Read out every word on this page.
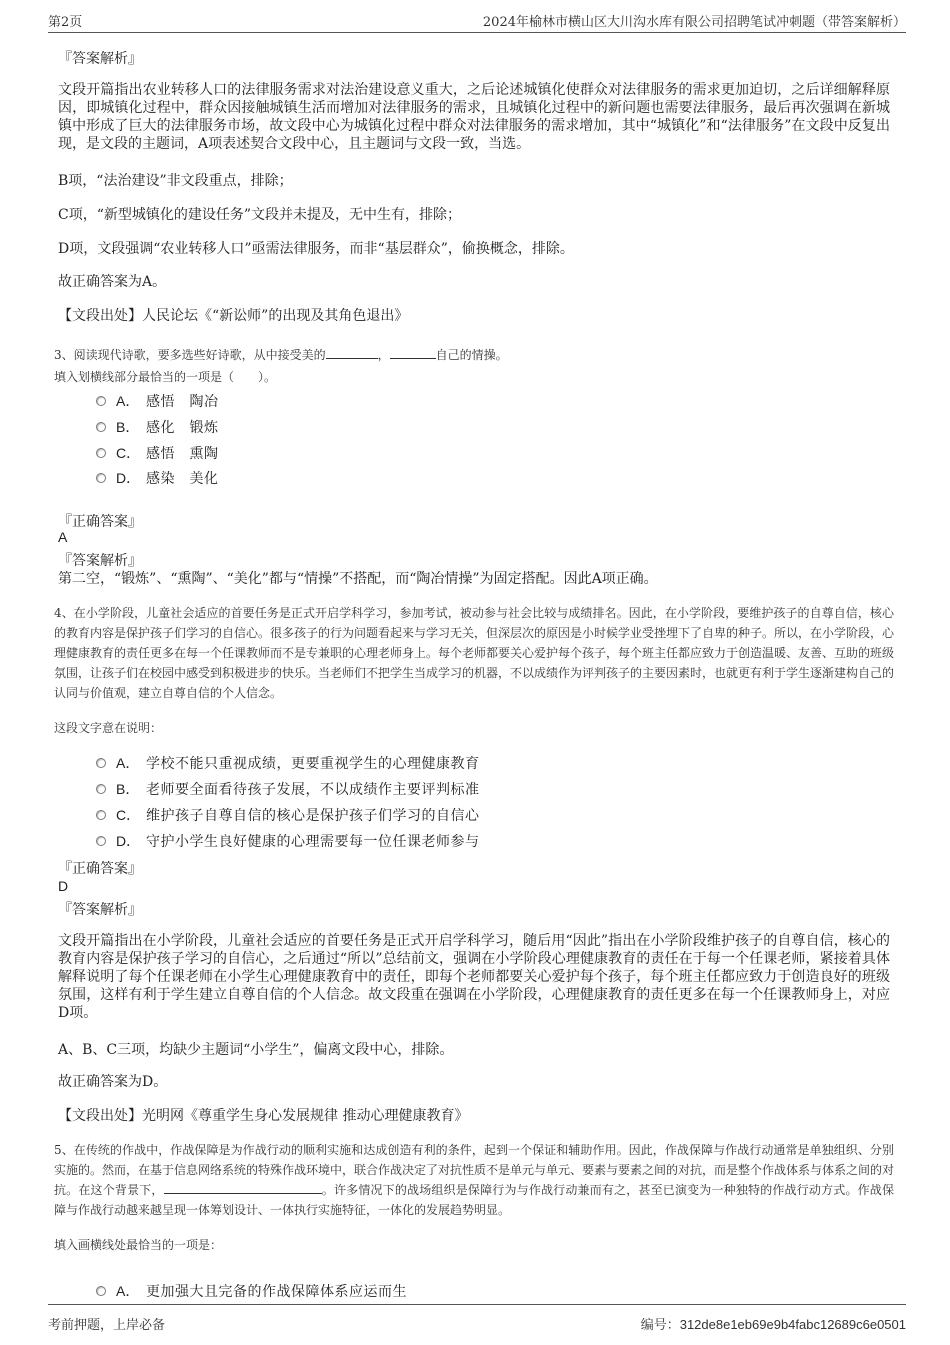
第2页	2024年榆林市横山区大川沟水库有限公司招聘笔试冲刺题（带答案解析）
『答案解析』
文段开篇指出农业转移人口的法律服务需求对法治建设意义重大，之后论述城镇化使群众对法律服务的需求更加迫切，之后详细解释原因，即城镇化过程中，群众因接触城镇生活而增加对法律服务的需求，且城镇化过程中的新问题也需要法律服务，最后再次强调在新城镇中形成了巨大的法律服务市场，故文段中心为城镇化过程中群众对法律服务的需求增加，其中“城镇化”和“法律服务”在文段中反复出现，是文段的主题词，A项表述契合文段中心，且主题词与文段一致，当选。
B项，“法治建设”非文段重点，排除；
C项，“新型城镇化的建设任务”文段并未提及，无中生有，排除；
D项，文段强调“农业转移人口”亟需法律服务，而非“基层群众”，偷换概念，排除。
故正确答案为A。
【文段出处】人民论坛《“新讼师”的出现及其角色退出》
3、阅读现代诗歌，要多选些好诗歌，从中接受美的	，	自己的情操。
填入划横线部分最恰当的一项是（　　）。
A． 感悟　陶冶
B． 感化　锻炼
C． 感悟　熏陶
D． 感染　美化
『正确答案』
A
『答案解析』
第二空，“锻炼”、“熏陶”、“美化”都与“情操”不搭配，而“陶冶情操”为固定搭配。因此A项正确。
4、在小学阶段，儿童社会适应的首要任务是正式开启学科学习，参加考试，被动参与社会比较与成绩排名。因此，在小学阶段，要维护孩子的自尊自信，核心的教育内容是保护孩子们学习的自信心。很多孩子的行为问题看起来与学习无关，但深层次的原因是小时候学业受挫埋下了自卑的种子。所以，在小学阶段，心理健康教育的责任更多在每一个任课教师而不是专兼职的心理老师身上。每个老师都要关心爱护每个孩子，每个班主任都应致力于创造温暖、友善、互助的班级氛围，让孩子们在校园中感受到积极进步的快乐。当老师们不把学生当成学习的机器，不以成绩作为评判孩子的主要因素时，也就更有利于学生逐渐建构自己的认同与价值观，建立自尊自信的个人信念。
这段文字意在说明：
A． 学校不能只重视成绩，更要重视学生的心理健康教育
B． 老师要全面看待孩子发展，不以成绩作主要评判标准
C． 维护孩子自尊自信的核心是保护孩子们学习的自信心
D． 守护小学生良好健康的心理需要每一位任课老师参与
『正确答案』
D
『答案解析』
文段开篇指出在小学阶段，儿童社会适应的首要任务是正式开启学科学习，随后用“因此”指出在小学阶段维护孩子的自尊自信，核心的教育内容是保护孩子学习的自信心，之后通过“所以”总结前文，强调在小学阶段心理健康教育的责任在于每一个任课老师，紧接着具体解释说明了每个任课老师在小学生心理健康教育中的责任，即每个老师都要关心爱护每个孩子，每个班主任都应致力于创造良好的班级氛围，这样有利于学生建立自尊自信的个人信念。故文段重在强调在小学阶段，心理健康教育的责任更多在每一个任课教师身上，对应D项。
A、B、C三项，均缺少主题词“小学生”，偏离文段中心，排除。
故正确答案为D。
【文段出处】光明网《尊重学生身心发展规律 推动心理健康教育》
5、在传统的作战中，作战保障是为作战行动的顺利实施和达成创造有利的条件，起到一个保证和辅助作用。因此，作战保障与作战行动通常是单独组织、分别实施的。然而，在基于信息网络系统的特殊作战环境中，联合作战决定了对抗性质不是单元与单元、要素与要素之间的对抗，而是整个作战体系与体系之间的对抗。在这个背景下，	。许多情况下的战场组织是保障行为与作战行动兼而有之，甚至已演变为一种独特的作战行动方式。作战保障与作战行动越来越呈现一体筹划设计、一体执行实施特征，一体化的发展趋势明显。
填入画横线处最恰当的一项是：
A． 更加强大且完备的作战保障体系应运而生
考前押题，上岸必备	编号：312de8e1eb69e9b4fabc12689c6e0501
